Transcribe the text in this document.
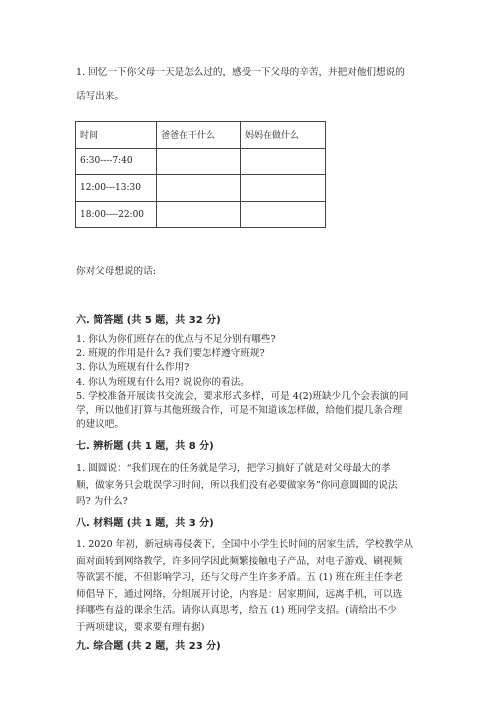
1. 回忆一下你父母一天是怎么过的，感受一下父母的辛苦，并把对他们想说的
话写出来。
时间	爸爸在干什么	妈妈在做什么
6:30----7:40		
12:00---13:30		
18:00----22:00		
你对父母想说的话:
六. 简答题 (共 5 题，共 32 分)
1. 你认为你们班存在的优点与不足分别有哪些?
2. 班规的作用是什么? 我们要怎样遵守班规?
3. 你认为班规有什么作用?
4. 你认为班规有什么用? 说说你的看法。
5. 学校准备开展读书交流会，要求形式多样，可是 4(2)班缺少几个会表演的同
学，所以他们打算与其他班级合作，可是不知道该怎样做，给他们提几条合理
的建议吧。
七. 辨析题 (共 1 题，共 8 分)
1. 圆圆说：“我们现在的任务就是学习，把学习搞好了就是对父母最大的孝
顺，做家务只会耽误学习时间，所以我们没有必要做家务”你同意圆圆的说法
吗? 为什么?
八. 材料题 (共 1 题，共 3 分)
1. 2020 年初，新冠病毒侵袭下，全国中小学生长时间的居家生活，学校教学从
面对面转到网络教学，许多同学因此频繁接触电子产品，对电子游戏、刷视频
等欲罢不能，不但影响学习，还与父母产生许多矛盾。五 (1) 班在班主任李老
师倡导下，通过网络，分组展开讨论，内容是：居家期间，远离手机，可以选
择哪些有益的课余生活。请你认真思考，给五 (1) 班同学支招。(请给出不少
于两项建议，要求要有理有据)
九. 综合题 (共 2 题，共 23 分)
